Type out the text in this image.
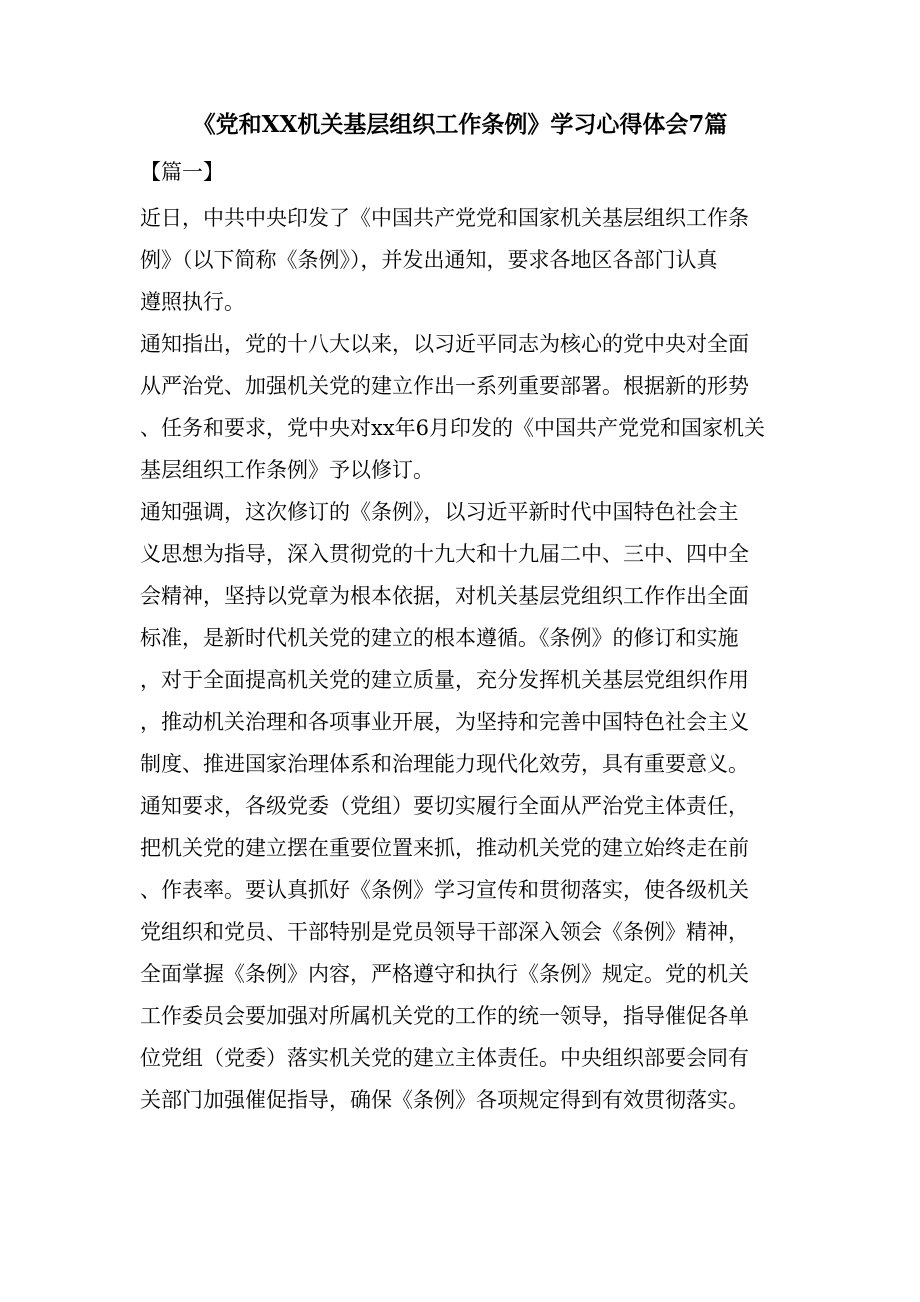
《党和XX机关基层组织工作条例》学习心得体会7篇
【篇一】
近日，中共中央印发了《中国共产党党和国家机关基层组织工作条
例》（以下简称《条例》），并发出通知，要求各地区各部门认真
遵照执行。
通知指出，党的十八大以来，以习近平同志为核心的党中央对全面
从严治党、加强机关党的建立作出一系列重要部署。根据新的形势
、任务和要求，党中央对xx年6月印发的《中国共产党党和国家机关
基层组织工作条例》予以修订。
通知强调，这次修订的《条例》，以习近平新时代中国特色社会主
义思想为指导，深入贯彻党的十九大和十九届二中、三中、四中全
会精神，坚持以党章为根本依据，对机关基层党组织工作作出全面
标准，是新时代机关党的建立的根本遵循。《条例》的修订和实施
，对于全面提高机关党的建立质量，充分发挥机关基层党组织作用
，推动机关治理和各项事业开展，为坚持和完善中国特色社会主义
制度、推进国家治理体系和治理能力现代化效劳，具有重要意义。
通知要求，各级党委（党组）要切实履行全面从严治党主体责任，
把机关党的建立摆在重要位置来抓，推动机关党的建立始终走在前
、作表率。要认真抓好《条例》学习宣传和贯彻落实，使各级机关
党组织和党员、干部特别是党员领导干部深入领会《条例》精神，
全面掌握《条例》内容，严格遵守和执行《条例》规定。党的机关
工作委员会要加强对所属机关党的工作的统一领导，指导催促各单
位党组（党委）落实机关党的建立主体责任。中央组织部要会同有
关部门加强催促指导，确保《条例》各项规定得到有效贯彻落实。
